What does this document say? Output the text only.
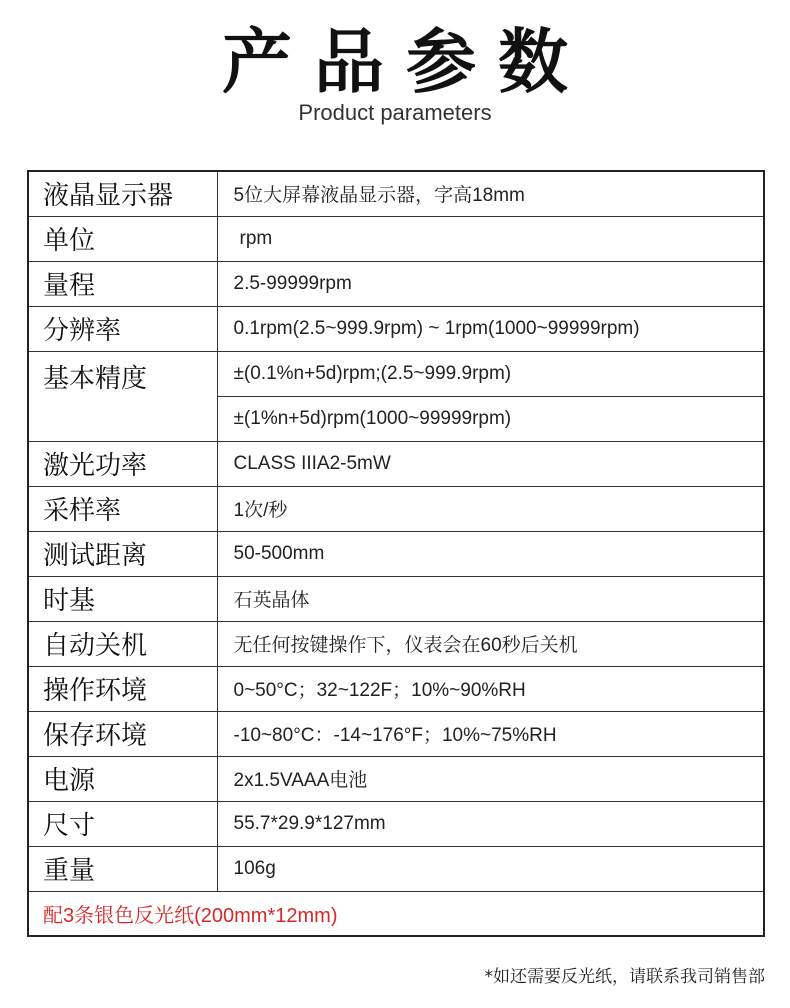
产品参数
Product parameters
液晶显示器	5位大屏幕液晶显示器，字高18mm
单位	rpm
量程	2.5-99999rpm
分辨率	0.1rpm(2.5~999.9rpm) ~ 1rpm(1000~99999rpm)
基本精度	±(0.1%n+5d)rpm;(2.5~999.9rpm)
	±(1%n+5d)rpm(1000~99999rpm)
激光功率	CLASS IIIA2-5mW
采样率	1次/秒
测试距离	50-500mm
时基	石英晶体
自动关机	无任何按键操作下，仪表会在60秒后关机
操作环境	0~50°C；32~122F；10%~90%RH
保存环境	-10~80°C：-14~176°F；10%~75%RH
电源	2x1.5VAAA电池
尺寸	55.7*29.9*127mm
重量	106g
配3条银色反光纸(200mm*12mm)	
*如还需要反光纸，请联系我司销售部
